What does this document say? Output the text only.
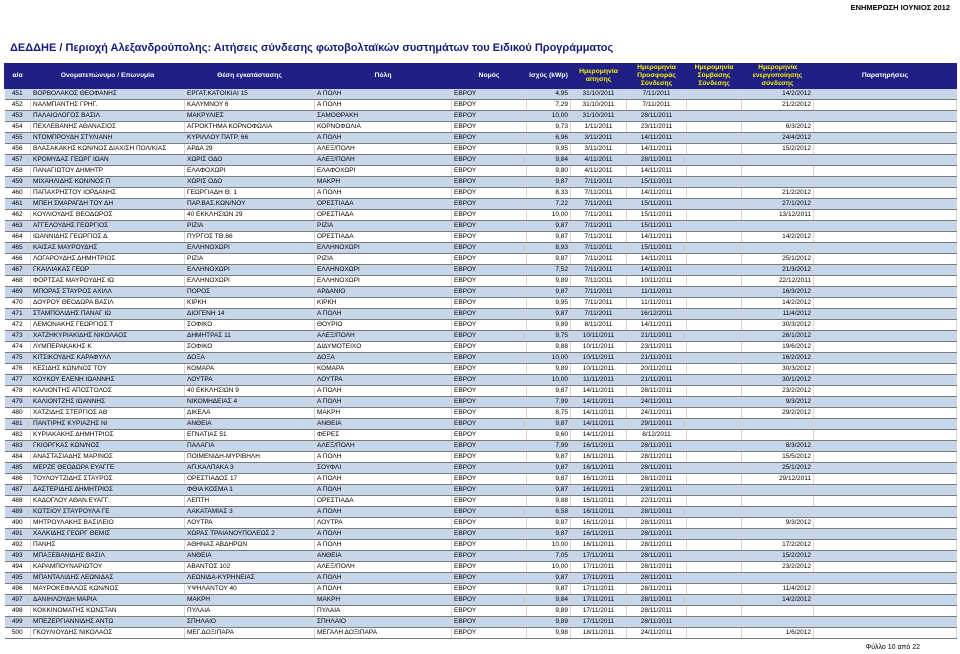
ΕΝΗΜΕΡΩΣΗ ΙΟΥΝΙΟΣ 2012
ΔΕΔΔΗΕ / Περιοχή Αλεξανδρούπολης: Αιτήσεις σύνδεσης φωτοβολταϊκών συστημάτων του Ειδικού Προγράμματος
α/α	Ονοματεπώνυμο / Επωνυμία	Θέση εγκατάστασης	Πόλη	Νομός	Ισχύς (kWp)	Ημερομηνία αίτησης	Ημερομηνία Προσφοράς Σύνδεσης	Ημερομηνία Σύμβασης Σύνδεσης	Ημερομηνία ενεργοποίησης σύνδεσης	Παρατηρήσεις
451	ΒΟΡΒΟΛΑΚΟΣ ΘΕΟΦΑΝΗΣ	ΕΡΓΑΤ.ΚΑΤΟΙΚΙΑΙ 15	Α ΠΟΛΗ	ΕΒΡΟΥ	4,95	31/10/2011	7/11/2011		14/2/2012	
452	ΝΑΛΜΠΑΝΤΗΣ ΓΡΗΓ.	ΚΑΛΥΜΝΟΥ 6	Α ΠΟΛΗ	ΕΒΡΟΥ	7,29	31/10/2011	7/11/2011		21/2/2012	
453	ΠΑΛΑΙΟΛΟΓΟΣ ΒΑΣΙΛ	ΜΑΚΡΥΛΙΕΣ	ΣΑΜΟΘΡΑΚΗ	ΕΒΡΟΥ	10,00	31/10/2011	28/11/2011			
454	ΠΕΧΛΕΒΑΝΗΣ ΑΘΑΝΑΣΙΟΣ	ΑΓΡΟΚΤΗΜΑ ΚΟΡΝΟΦΩΛΙΑ	ΚΟΡΝΟΦΩΛΙΑ	ΕΒΡΟΥ	9,73	1/11/2011	23/11/2011		6/3/2012	
455	ΝΤΟΜΠΡΟΥΔΗ ΣΤΥΛΙΑΝΗ	ΚΥΡΙΛΛΟΥ ΠΑΤΡ. 66	Α ΠΟΛΗ	ΕΒΡΟΥ	6,96	3/11/2011	14/11/2011		24/4/2012	
456	ΒΛΑΣΑΚΑΚΗΣ ΚΩΝ/ΝΟΣ ΔΙΑΧ/ΣΗ ΠΟΛ/ΚΙΑΣ	ΑΡΔΑ 29	ΑΛΕΞ/ΠΟΛΗ	ΕΒΡΟΥ	9,95	3/11/2011	14/11/2011		15/2/2012	
457	ΚΡΟΜΥΔΑΣ ΓΕΩΡΓ ΙΩΑΝ	ΧΩΡΙΣ ΟΔΟ	ΑΛΕΞ/ΠΟΛΗ	ΕΒΡΟΥ	9,84	4/11/2011	28/11/2011			
458	ΠΑΝΑΓΙΩΤΟΥ ΔΗΜΗΤΡ	ΕΛΑΦΟΧΩΡΙ	ΕΛΑΦΟΧΩΡΙ	ΕΒΡΟΥ	9,80	4/11/2011	14/11/2011			
459	ΜΙΧΑΗΛΙΔΗΣ ΚΩΝ/ΝΟΣ Π	ΧΩΡΙΣ ΟΔΟ	ΜΑΚΡΗ	ΕΒΡΟΥ	9,87	7/11/2011	15/11/2011			
460	ΠΑΠΑΧΡΗΣΤΟΥ ΙΟΡΔΑΝΗΣ	ΓΕΩΡΓΙΑΔΗ Θ. 1	Α ΠΟΛΗ	ΕΒΡΟΥ	8,33	7/11/2011	14/11/2011		21/2/2012	
461	ΜΠΕΗ ΣΜΑΡΑΓΔΗ ΤΟΥ ΔΗ	ΠΑΡ.ΒΑΣ.ΚΩΝ/ΝΟΥ	ΟΡΕΣΤΙΑΔΑ	ΕΒΡΟΥ	7,22	7/11/2011	15/11/2011		27/1/2012	
462	ΚΟΥΛΙΟΥΔΗΣ ΘΕΟΔΩΡΟΣ	40 ΕΚΚΛΗΣΙΩΝ 29	ΟΡΕΣΤΙΑΔΑ	ΕΒΡΟΥ	10,00	7/11/2011	15/11/2011		13/12/2011	
463	ΑΓΓΕΛΟΥΔΗΣ ΓΕΩΡΓΙΟΣ	ΡΙΖΙΑ	ΡΙΖΙΑ	ΕΒΡΟΥ	9,87	7/11/2011	15/11/2011			
464	ΙΩΑΝΝΙΔΗΣ ΓΕΩΡΓΙΟΣ Δ	ΠΥΡΓΟΣ ΤΘ.66	ΟΡΕΣΤΙΑΔΑ	ΕΒΡΟΥ	9,87	7/11/2011	14/11/2011		14/2/2012	
465	ΚΑΙΣΑΣ ΜΑΥΡΟΥΔΗΣ	ΕΛΛΗΝΟΧΩΡΙ	ΕΛΛΗΝΟΧΩΡΙ	ΕΒΡΟΥ	8,93	7/11/2011	15/11/2011			
466	ΛΟΓΑΡΟΥΔΗΣ ΔΗΜΗΤΡΙΟΣ	ΡΙΖΙΑ	ΡΙΖΙΑ	ΕΒΡΟΥ	9,87	7/11/2011	14/11/2011		25/1/2012	
467	ΓΚΑΙΛΙΑΚΑΣ ΓΕΩΡ	ΕΛΛΗΝΟΧΩΡΙ	ΕΛΛΗΝΟΧΩΡΙ	ΕΒΡΟΥ	7,52	7/11/2011	14/11/2011		21/3/2012	
468	ΦΟΡΤΣΑΣ ΜΑΥΡΟΥΔΗΣ ΙΩ	ΕΛΛΗΝΟΧΩΡΙ	ΕΛΛΗΝΟΧΩΡΙ	ΕΒΡΟΥ	9,89	7/11/2011	10/11/2011		22/12/2011	
469	ΜΠΟΡΑΣ ΣΤΑΥΡΟΣ ΑΧΙΛΛ	ΠΟΡΟΣ	ΑΡΔΑΝΙΟ	ΕΒΡΟΥ	9,87	7/11/2011	11/11/2011		16/3/2012	
470	ΔΟΥΡΟΥ ΘΕΟΔΩΡΑ ΒΑΣΙΛ	ΚΙΡΚΗ	ΚΙΡΚΗ	ΕΒΡΟΥ	9,95	7/11/2011	11/11/2011		14/2/2012	
471	ΣΤΑΜΠΟΛΙΔΗΣ ΠΑΝΑΓ ΙΩ	ΔΙΟΓΕΝΗ 14	Α ΠΟΛΗ	ΕΒΡΟΥ	9,87	7/11/2011	16/12/2011		11/4/2012	
472	ΛΕΜΟΝΑΚΗΣ ΓΕΩΡΓΙΟΣ Τ	ΣΟΦΙΚΟ	ΘΟΥΡΙΟ	ΕΒΡΟΥ	9,89	8/11/2011	14/11/2011		30/3/2012	
473	ΧΑΤΖΗΚΥΡΙΑΚΙΔΗΣ ΝΙΚΟΛΑΟΣ	ΔΗΜΗΤΡΑΣ 11	ΑΛΕΞ/ΠΟΛΗ	ΕΒΡΟΥ	9,75	10/11/2011	21/11/2011		26/1/2012	
474	ΛΥΜΠΕΡΑΚΑΚΗΣ Κ	ΣΟΦΙΚΟ	ΔΙΔΥΜΟΤΕΙΧΟ	ΕΒΡΟΥ	9,88	10/11/2011	23/11/2011		19/6/2012	
475	ΚΙΤΣΙΚΟΥΔΗΣ ΚΑΡΑΦΥΛΛ	ΔΟΞΑ	ΔΟΞΑ	ΕΒΡΟΥ	10,00	10/11/2011	21/11/2011		16/2/2012	
476	ΚΕΣΙΔΗΣ ΚΩΝ/ΝΟΣ ΤΟΥ	ΚΟΜΑΡΑ	ΚΟΜΑΡΑ	ΕΒΡΟΥ	9,89	10/11/2011	20/11/2011		30/3/2012	
477	ΚΟΥΚΟΥ ΕΛΕΝΗ ΙΩΑΝΝΗΣ	ΛΟΥΤΡΑ	ΛΟΥΤΡΑ	ΕΒΡΟΥ	10,00	11/11/2011	21/11/2011		30/1/2012	
478	ΚΑΛΙΟΝΤΗΣ ΑΠΟΣΤΟΛΟΣ	40 ΕΚΚΛΗΣΙΩΝ 9	Α ΠΟΛΗ	ΕΒΡΟΥ	9,87	14/11/2011	28/11/2011		23/2/2012	
479	ΚΑΛΙΟΝΤΖΗΣ ΙΩΑΝΝΗΣ	ΝΙΚΟΜΗΔΕΙΑΣ 4	Α ΠΟΛΗ	ΕΒΡΟΥ	7,99	14/11/2011	24/11/2011		9/3/2012	
480	ΧΑΤΖΙΔΗΣ ΣΤΕΡΓΙΟΣ ΑΘ	ΔΙΚΕΛΑ	ΜΑΚΡΗ	ΕΒΡΟΥ	8,75	14/11/2011	24/11/2011		29/2/2012	
481	ΠΑΝΤΙΡΗΣ ΚΥΡΙΑΖΗΣ ΝΙ	ΑΝΘΕΙΑ	ΑΝΘΕΙΑ	ΕΒΡΟΥ	9,87	14/11/2011	29/11/2011			
482	ΚΥΡΙΑΚΑΚΗΣ ΔΗΜΗΤΡΙΟΣ	ΕΓΝΑΤΙΑΣ 51	ΦΕΡΕΣ	ΕΒΡΟΥ	9,60	14/11/2011	8/12/2011			
483	ΓΚΙΟΡΓΚΑΣ ΚΩΝ/ΝΟΣ	ΠΑΛΑΓΙΑ	ΑΛΕΞ/ΠΟΛΗ	ΕΒΡΟΥ	7,99	16/11/2011	28/11/2011		8/3/2012	
484	ΑΝΑΣΤΑΣΙΑΔΗΣ ΜΑΡΙΝΟΣ	ΠΟΙΜΕΝΙΔΗ-ΜΥΡΙΒΗΛΗ	Α ΠΟΛΗ	ΕΒΡΟΥ	9,87	16/11/2011	28/11/2011		15/5/2012	
485	ΜΕΡΖΕ ΘΕΟΔΩΡΑ ΕΥΑΓΓΕ	ΑΠ.ΚΑΛΠΑΚΑ 3	ΣΟΥΦΛΙ	ΕΒΡΟΥ	9,87	16/11/2011	28/11/2011		25/1/2012	
486	ΤΟΥΛΟΥΤΖΙΔΗΣ ΣΤΑΥΡΟΣ	ΟΡΕΣΤΙΑΔΟΣ 17	Α ΠΟΛΗ	ΕΒΡΟΥ	9,87	16/11/2011	28/11/2011		29/12/2011	
487	ΔΑΣΤΕΡΙΔΗΣ ΔΗΜΗΤΡΙΟΣ	ΦΘΙΑ ΚΟΣΜΑ 1	Α ΠΟΛΗ	ΕΒΡΟΥ	9,87	16/11/2011	23/11/2011			
488	ΚΑΔΟΓΛΟΥ ΑΘΑΝ.ΕΥΑΓΓ.	ΛΕΠΤΗ	ΟΡΕΣΤΙΑΔΑ	ΕΒΡΟΥ	9,88	16/11/2011	22/11/2011			
489	ΚΩΤΣΙΟΥ ΣΤΑΥΡΟΥΛΑ ΓΕ	ΛΑΚΑΤΑΜΙΑΣ 3	Α ΠΟΛΗ	ΕΒΡΟΥ	6,58	16/11/2011	28/11/2011			
490	ΜΗΤΡΟΥΛΑΚΗΣ ΒΑΣΙΛΕΙΟ	ΛΟΥΤΡΑ	ΛΟΥΤΡΑ	ΕΒΡΟΥ	9,87	16/11/2011	28/11/2011		9/3/2012	
491	ΧΑΛΚΙΔΗΣ ΓΕΩΡΓ ΘΕΜΙΣ	ΧΩΡΑΣ ΤΡΑΙΑΝΟΥΠΟΛΕΩΣ 2	Α ΠΟΛΗ	ΕΒΡΟΥ	9,87	16/11/2011	28/11/2011			
492	ΠΑΝΗΣ	ΑΘΗΝΑΣ ΑΒΔΗΡΩΝ	Α ΠΟΛΗ	ΕΒΡΟΥ	10,00	16/11/2011	28/11/2011		17/2/2012	
493	ΜΠΑΞΕΒΑΝΙΔΗΣ ΒΑΣΙΛ	ΑΝΘΕΙΑ	ΑΝΘΕΙΑ	ΕΒΡΟΥ	7,05	17/11/2011	28/11/2011		15/2/2012	
494	ΚΑΡΑΜΠΟΥΝΑΡΙΩΤΟΥ	ΑΒΑΝΤΟΣ 102	ΑΛΕΞ/ΠΟΛΗ	ΕΒΡΟΥ	10,00	17/11/2011	28/11/2011		23/2/2012	
495	ΜΠΑΝΤΑΛΙΔΗΣ ΛΕΩΝΙΔΑΣ	ΛΕΩΝΙΔΑ-ΚΥΡΗΝΕΙΑΣ	Α ΠΟΛΗ	ΕΒΡΟΥ	9,87	17/11/2011	28/11/2011			
496	ΜΑΥΡΟΚΕΦΑΛΟΣ ΚΩΝ/ΝΟΣ	ΥΨΗΛΑΝΤΟΥ 40	Α ΠΟΛΗ	ΕΒΡΟΥ	9,87	17/11/2011	28/11/2011		11/4/2012	
497	ΔΑΝΙΗΛΟΥΔΗ ΜΑΡΙΑ	ΜΑΚΡΗ	ΜΑΚΡΗ	ΕΒΡΟΥ	9,84	17/11/2011	28/11/2011		14/2/2012	
498	ΚΟΚΚΙΝΟΜΑΤΗΣ ΚΩΝΣΤΑΝ	ΠΥΛΑΙΑ	ΠΥΛΑΙΑ	ΕΒΡΟΥ	9,89	17/11/2011	28/11/2011			
499	ΜΠΕΖΕΡΓΙΑΝΝΙΔΗΣ ΑΝΤΩ	ΣΠΗΛΑΙΟ	ΣΠΗΛΑΙΟ	ΕΒΡΟΥ	9,89	17/11/2011	28/11/2011			
500	ΓΚΟΥΛΙΟΥΔΗΣ ΝΙΚΟΛΑΟΣ	ΜΕΓ.ΔΟΞΙΠΑΡΑ	ΜΕΓΑΛΗ ΔΟΞΙΠΑΡΑ	ΕΒΡΟΥ	9,98	18/11/2011	24/11/2011		1/6/2012	
Φύλλο 10 από 22
